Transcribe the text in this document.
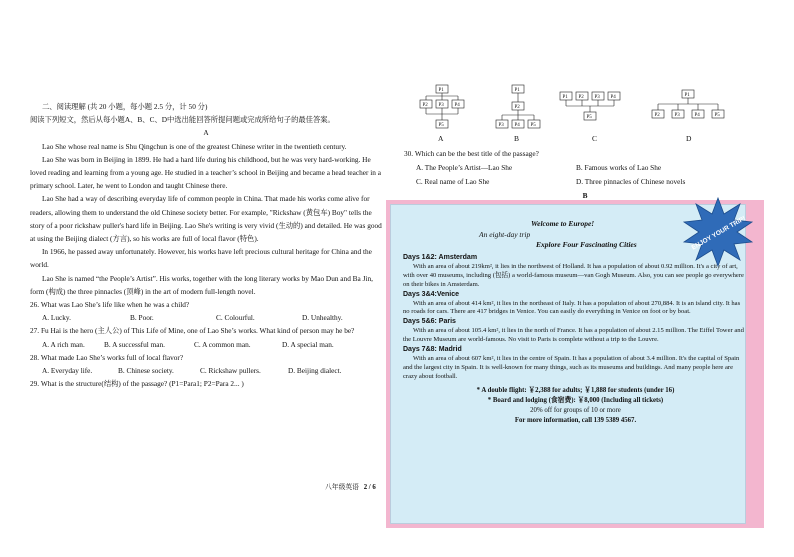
二、阅读理解 (共 20 小题，每小题 2.5 分，计 50 分)

阅读下列短文，然后从每小题A、B、C、D中选出能回答所提问题或完成所给句子的最佳答案。

A

Lao She whose real name is Shu Qingchun is one of the greatest Chinese writer in the twentieth century.

Lao She was born in Beijing in 1899. He had a hard life during his childhood, but he was very hard-working. He loved reading and learning from a young age. He studied in a teacher’s school in Beijing and became a head teacher in a primary school. Later, he went to London and taught Chinese there.

Lao She had a way of describing everyday life of common people in China. That made his works come alive for readers, allowing them to understand the old Chinese society better. For example, "Rickshaw (黄包车) Boy" tells the story of a poor rickshaw puller's hard life in Beijing. Lao She's writing is very vivid (生动的) and detailed. He was good at using the Beijing dialect (方言), so his works are full of local flavor (特色).

In 1966, he passed away unfortunately. However, his works have left precious cultural heritage for China and the world.

Lao She is named “the People’s Artist”. His works, together with the long literary works by Mao Dun and Ba Jin, form (构成) the three pinnacles (顶峰) in the art of modern full-length novel.

26. What was Lao She’s life like when he was a child?

A. Lucky.	B. Poor.	C. Colourful.	D. Unhealthy.

27. Fu Hai is the hero (主人公) of This Life of Mine, one of Lao She’s works. What kind of person may he be?

A. A rich man.	B. A successful man.	C. A common man.	D. A special man.

28. What made Lao She’s works full of local flavor?

A. Everyday life.	B. Chinese society.	C. Rickshaw pullers.	D. Beijing dialect.

29. What is the structure(结构) of the passage? (P1=Para1; P2=Para 2... )

P1
P2 P3 P4
P5
P1
P2
P3 P4 P5
P1 P2 P3 P4
P5
P1
P2	P3	P4	P5
A	B	C	D
30. Which can be the best title of the passage?
A. The People’s Artist—Lao She	B. Famous works of Lao She
C. Real name of Lao She	D. Three pinnacles of Chinese novels
B
Welcome to Europe!
An eight-day trip
Explore Four Fascinating Cities

Days 1&2: Amsterdam

With an area of about 219km², it lies in the northwest of Holland. It has a population of about 0.92 million. It's a city of art, with over 40 museums, including (包括) a world-famous museum—van Gogh Museum. Also, you can see people go everywhere on their bikes in Amsterdam.

Days 3&4:Venice

With an area of about 414 km², it lies in the northeast of Italy. It has a population of about 270,884. It is an island city. It has no roads for cars. There are 417 bridges in Venice. You can easily do everything in Venice on foot or by boat.

Days 5&6: Paris

With an area of about 105.4 km², it lies in the north of France. It has a population of about 2.15 million. The Eiffel Tower and the Louvre Museum are world-famous. No visit to Paris is complete without a trip to the Louvre.

Days 7&8: Madrid

With an area of about 607 km², it lies in the centre of Spain. It has a population of about 3.4 million. It's the capital of Spain and the largest city in Spain. It is well-known for many things, such as its museums and buildings. And many people here are crazy about football.

* A double flight: ￥2,388 for adults; ￥1,888 for students (under 16)
* Board and lodging (食宿费): ￥8,000 (Including all tickets)
20% off for groups of 10 or more
For more information, call 139 5389 4567.
ENJOY YOUR TRIP!
八年级英语 2 / 6
